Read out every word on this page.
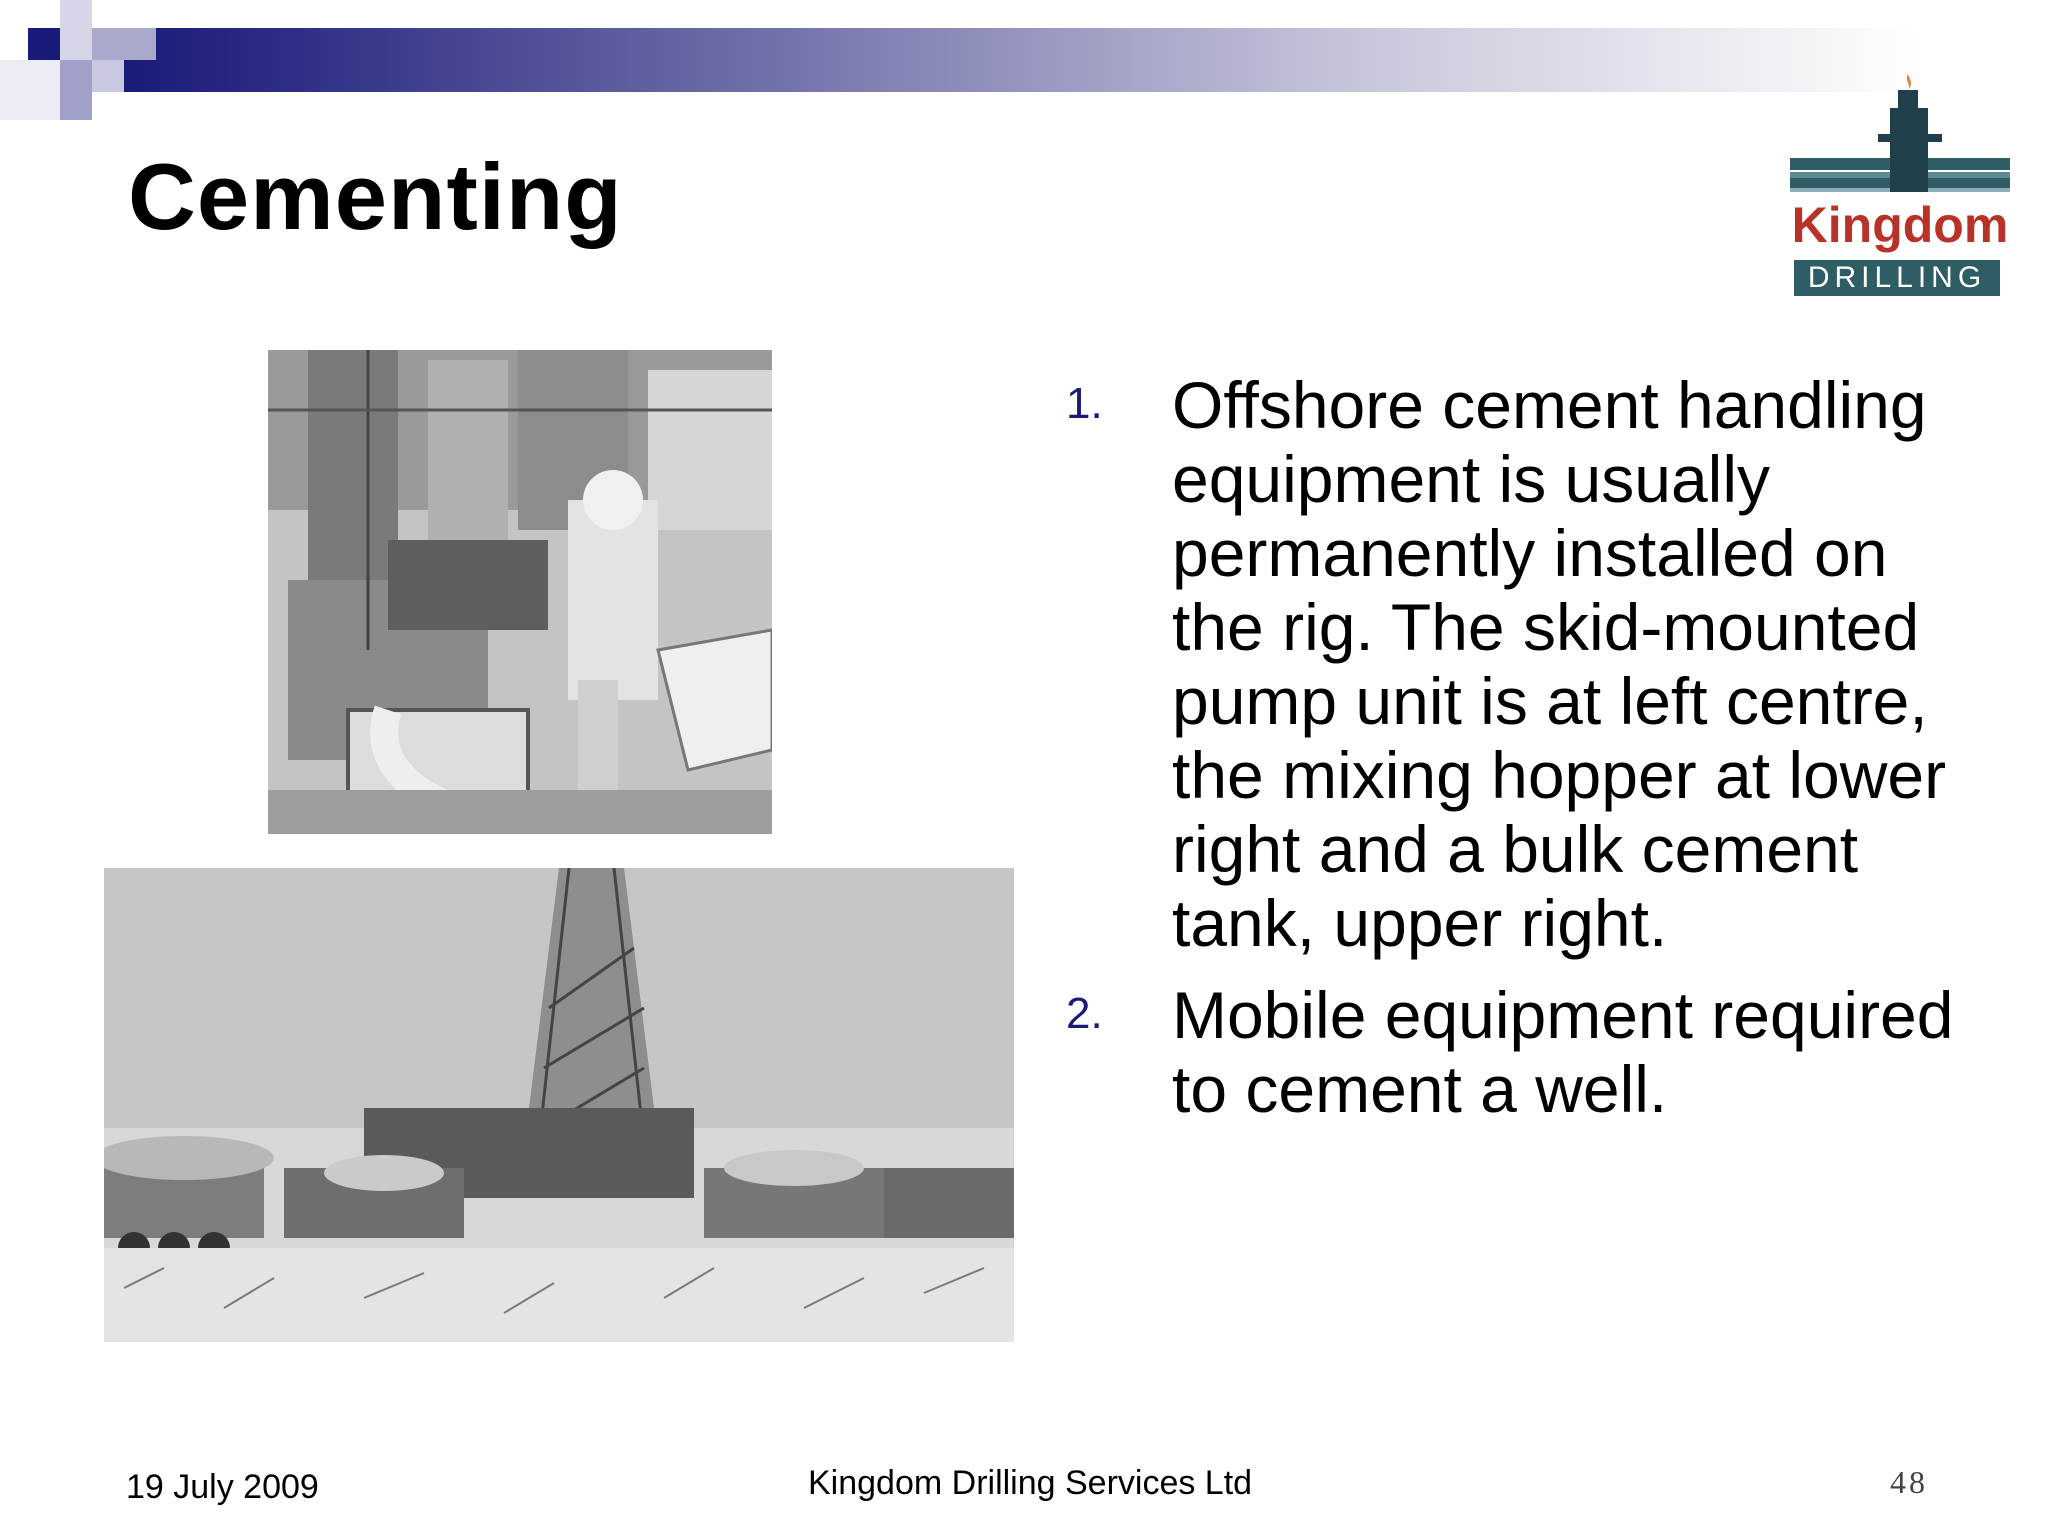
Cementing	Kingdom
DRILLING
1. Offshore cement handling equipment is usually permanently installed on the rig. The skid-mounted pump unit is at left centre, the mixing hopper at lower right and a bulk cement tank, upper right.
2. Mobile equipment required to cement a well.
19 July 2009	Kingdom Drilling Services Ltd	48
